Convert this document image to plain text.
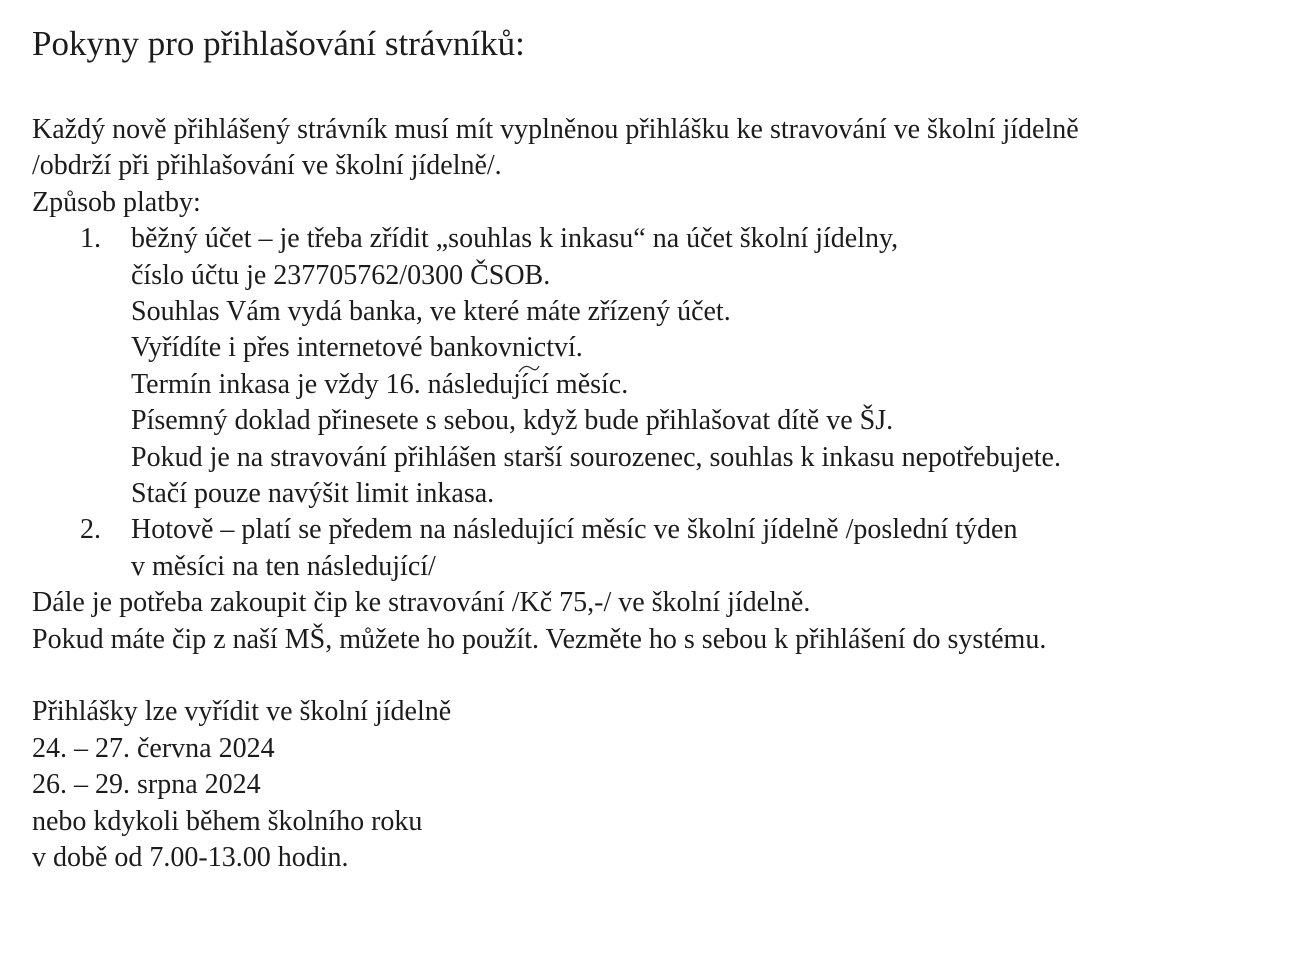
Pokyny pro přihlašování strávníků:

Každý nově přihlášený strávník musí mít vyplněnou přihlášku ke stravování ve školní jídelně

/obdrží při přihlašování ve školní jídelně/.

Způsob platby:

1. běžný účet – je třeba zřídit „souhlas k inkasu“ na účet školní jídelny,

číslo účtu je 237705762/0300 ČSOB.

Souhlas Vám vydá banka, ve které máte zřízený účet.

Vyřídíte i přes internetové bankovnictví.

Termín inkasa je vždy 16. následující měsíc.

Písemný doklad přinesete s sebou, když bude přihlašovat dítě ve ŠJ.

Pokud je na stravování přihlášen starší sourozenec, souhlas k inkasu nepotřebujete.

Stačí pouze navýšit limit inkasa.

2. Hotově – platí se předem na následující měsíc ve školní jídelně /poslední týden

v měsíci na ten následující/

Dále je potřeba zakoupit čip ke stravování /Kč 75,-/ ve školní jídelně.

Pokud máte čip z naší MŠ, můžete ho použít. Vezměte ho s sebou k přihlášení do systému.

Přihlášky lze vyřídit ve školní jídelně

24. – 27. června 2024

26. – 29. srpna 2024

nebo kdykoli během školního roku

v době od 7.00-13.00 hodin.
